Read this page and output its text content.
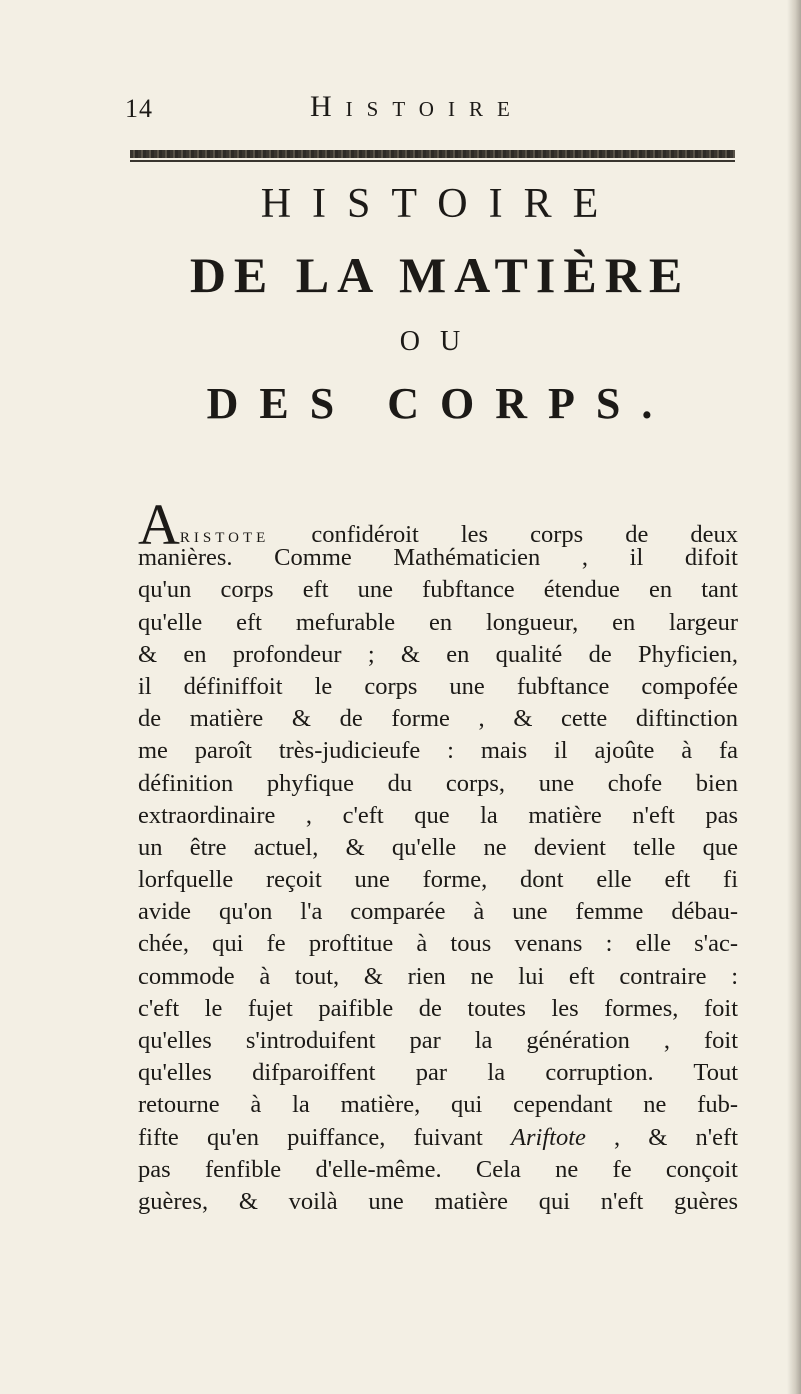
14	Histoire
HISTOIRE
DE LA MATIÈRE
OU
DES CORPS.
Aristote confidéroit les corps de deux
manières. Comme Mathématicien , il difoit
qu'un corps eft une fubftance étendue en tant
qu'elle eft mefurable en longueur, en largeur
& en profondeur ; & en qualité de Phyficien,
il définiffoit le corps une fubftance compofée
de matière & de forme , & cette diftinction
me paroît très-judicieufe : mais il ajoûte à fa
définition phyfique du corps, une chofe bien
extraordinaire , c'eft que la matière n'eft pas
un être actuel, & qu'elle ne devient telle que
lorfquelle reçoit une forme, dont elle eft fi
avide qu'on l'a comparée à une femme débau-
chée, qui fe proftitue à tous venans : elle s'ac-
commode à tout, & rien ne lui eft contraire :
c'eft le fujet paifible de toutes les formes, foit
qu'elles s'introduifent par la génération , foit
qu'elles difparoiffent par la corruption. Tout
retourne à la matière, qui cependant ne fub-
fifte qu'en puiffance, fuivant Ariftote , & n'eft
pas fenfible d'elle-même. Cela ne fe conçoit
guères, & voilà une matière qui n'eft guères
